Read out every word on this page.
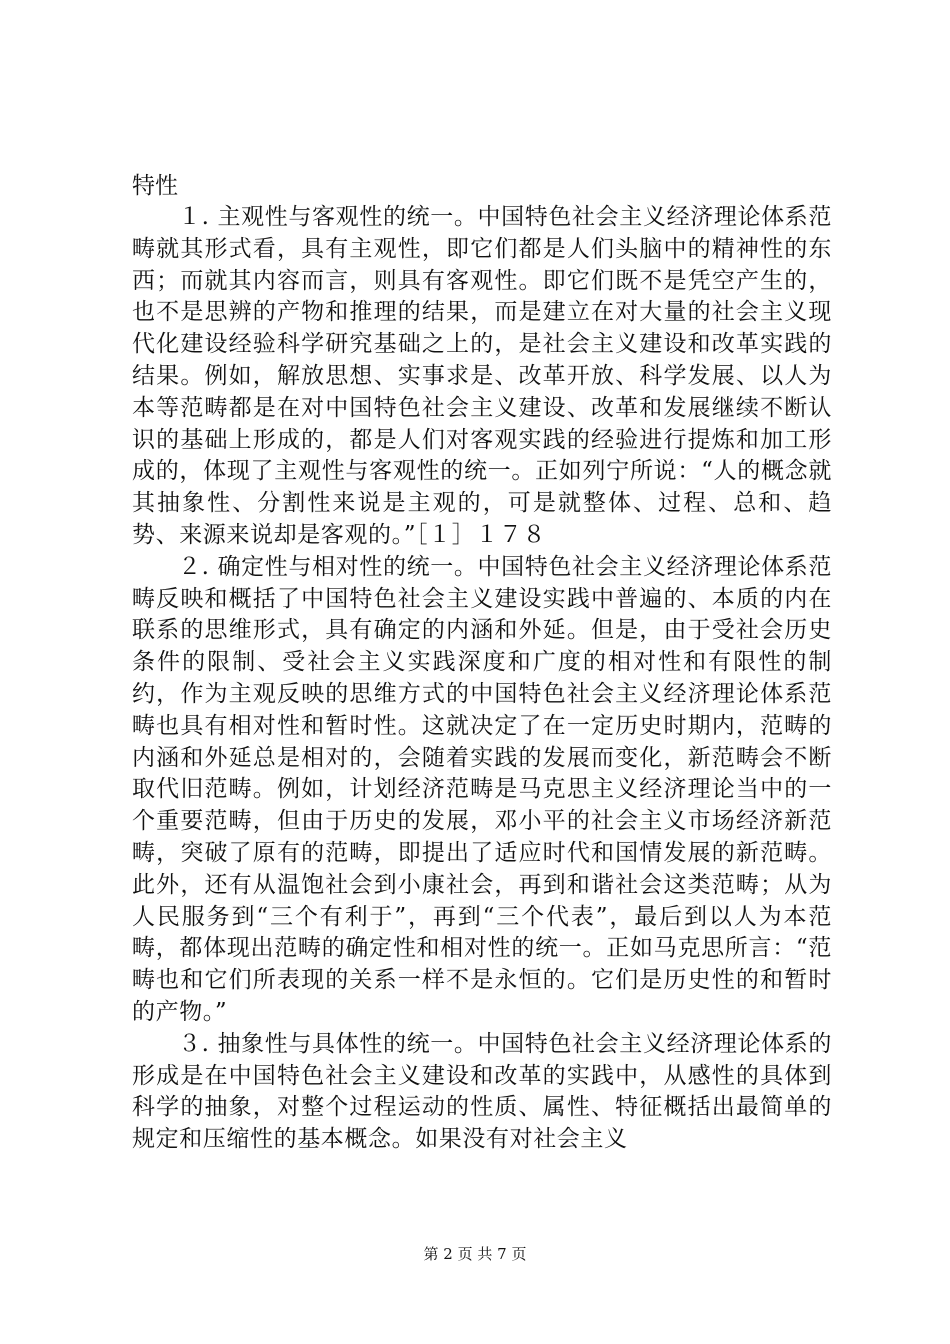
特性

１. 主观性与客观性的统一。中国特色社会主义经济理论体系范畴就其形式看，具有主观性，即它们都是人们头脑中的精神性的东西；而就其内容而言，则具有客观性。即它们既不是凭空产生的，也不是思辨的产物和推理的结果，而是建立在对大量的社会主义现代化建设经验科学研究基础之上的，是社会主义建设和改革实践的结果。例如，解放思想、实事求是、改革开放、科学发展、以人为本等范畴都是在对中国特色社会主义建设、改革和发展继续不断认识的基础上形成的，都是人们对客观实践的经验进行提炼和加工形成的，体现了主观性与客观性的统一。正如列宁所说：“人的概念就其抽象性、分割性来说是主观的，可是就整体、过程、总和、趋势、来源来说却是客观的。”［１］１７８

２. 确定性与相对性的统一。中国特色社会主义经济理论体系范畴反映和概括了中国特色社会主义建设实践中普遍的、本质的内在联系的思维形式，具有确定的内涵和外延。但是，由于受社会历史条件的限制、受社会主义实践深度和广度的相对性和有限性的制约，作为主观反映的思维方式的中国特色社会主义经济理论体系范畴也具有相对性和暂时性。这就决定了在一定历史时期内，范畴的内涵和外延总是相对的，会随着实践的发展而变化，新范畴会不断取代旧范畴。例如，计划经济范畴是马克思主义经济理论当中的一个重要范畴，但由于历史的发展，邓小平的社会主义市场经济新范畴，突破了原有的范畴，即提出了适应时代和国情发展的新范畴。此外，还有从温饱社会到小康社会，再到和谐社会这类范畴；从为人民服务到“三个有利于”，再到“三个代表”，最后到以人为本范畴，都体现出范畴的确定性和相对性的统一。正如马克思所言：“范畴也和它们所表现的关系一样不是永恒的。它们是历史性的和暂时的产物。”

３. 抽象性与具体性的统一。中国特色社会主义经济理论体系的形成是在中国特色社会主义建设和改革的实践中，从感性的具体到科学的抽象，对整个过程运动的性质、属性、特征概括出最简单的规定和压缩性的基本概念。如果没有对社会主义

第 2 页 共 7 页
